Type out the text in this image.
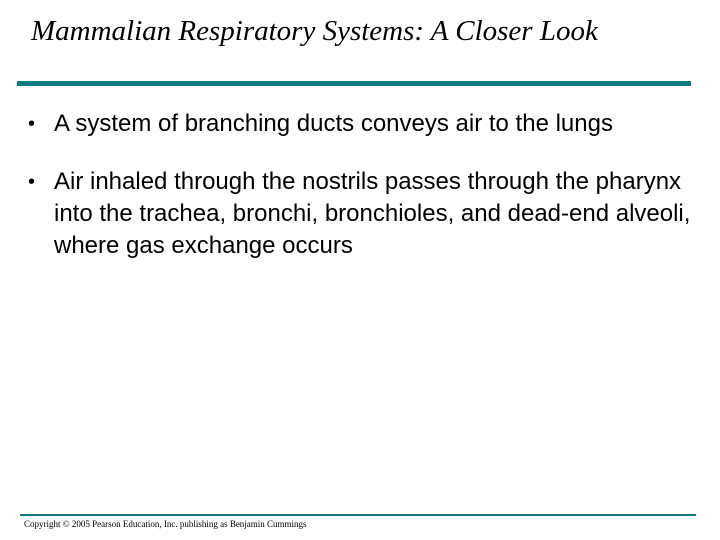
Mammalian Respiratory Systems: A Closer Look
• A system of branching ducts conveys air to the lungs
• Air inhaled through the nostrils passes through the pharynx into the trachea, bronchi, bronchioles, and dead-end alveoli, where gas exchange occurs
Copyright © 2005 Pearson Education, Inc. publishing as Benjamin Cummings
